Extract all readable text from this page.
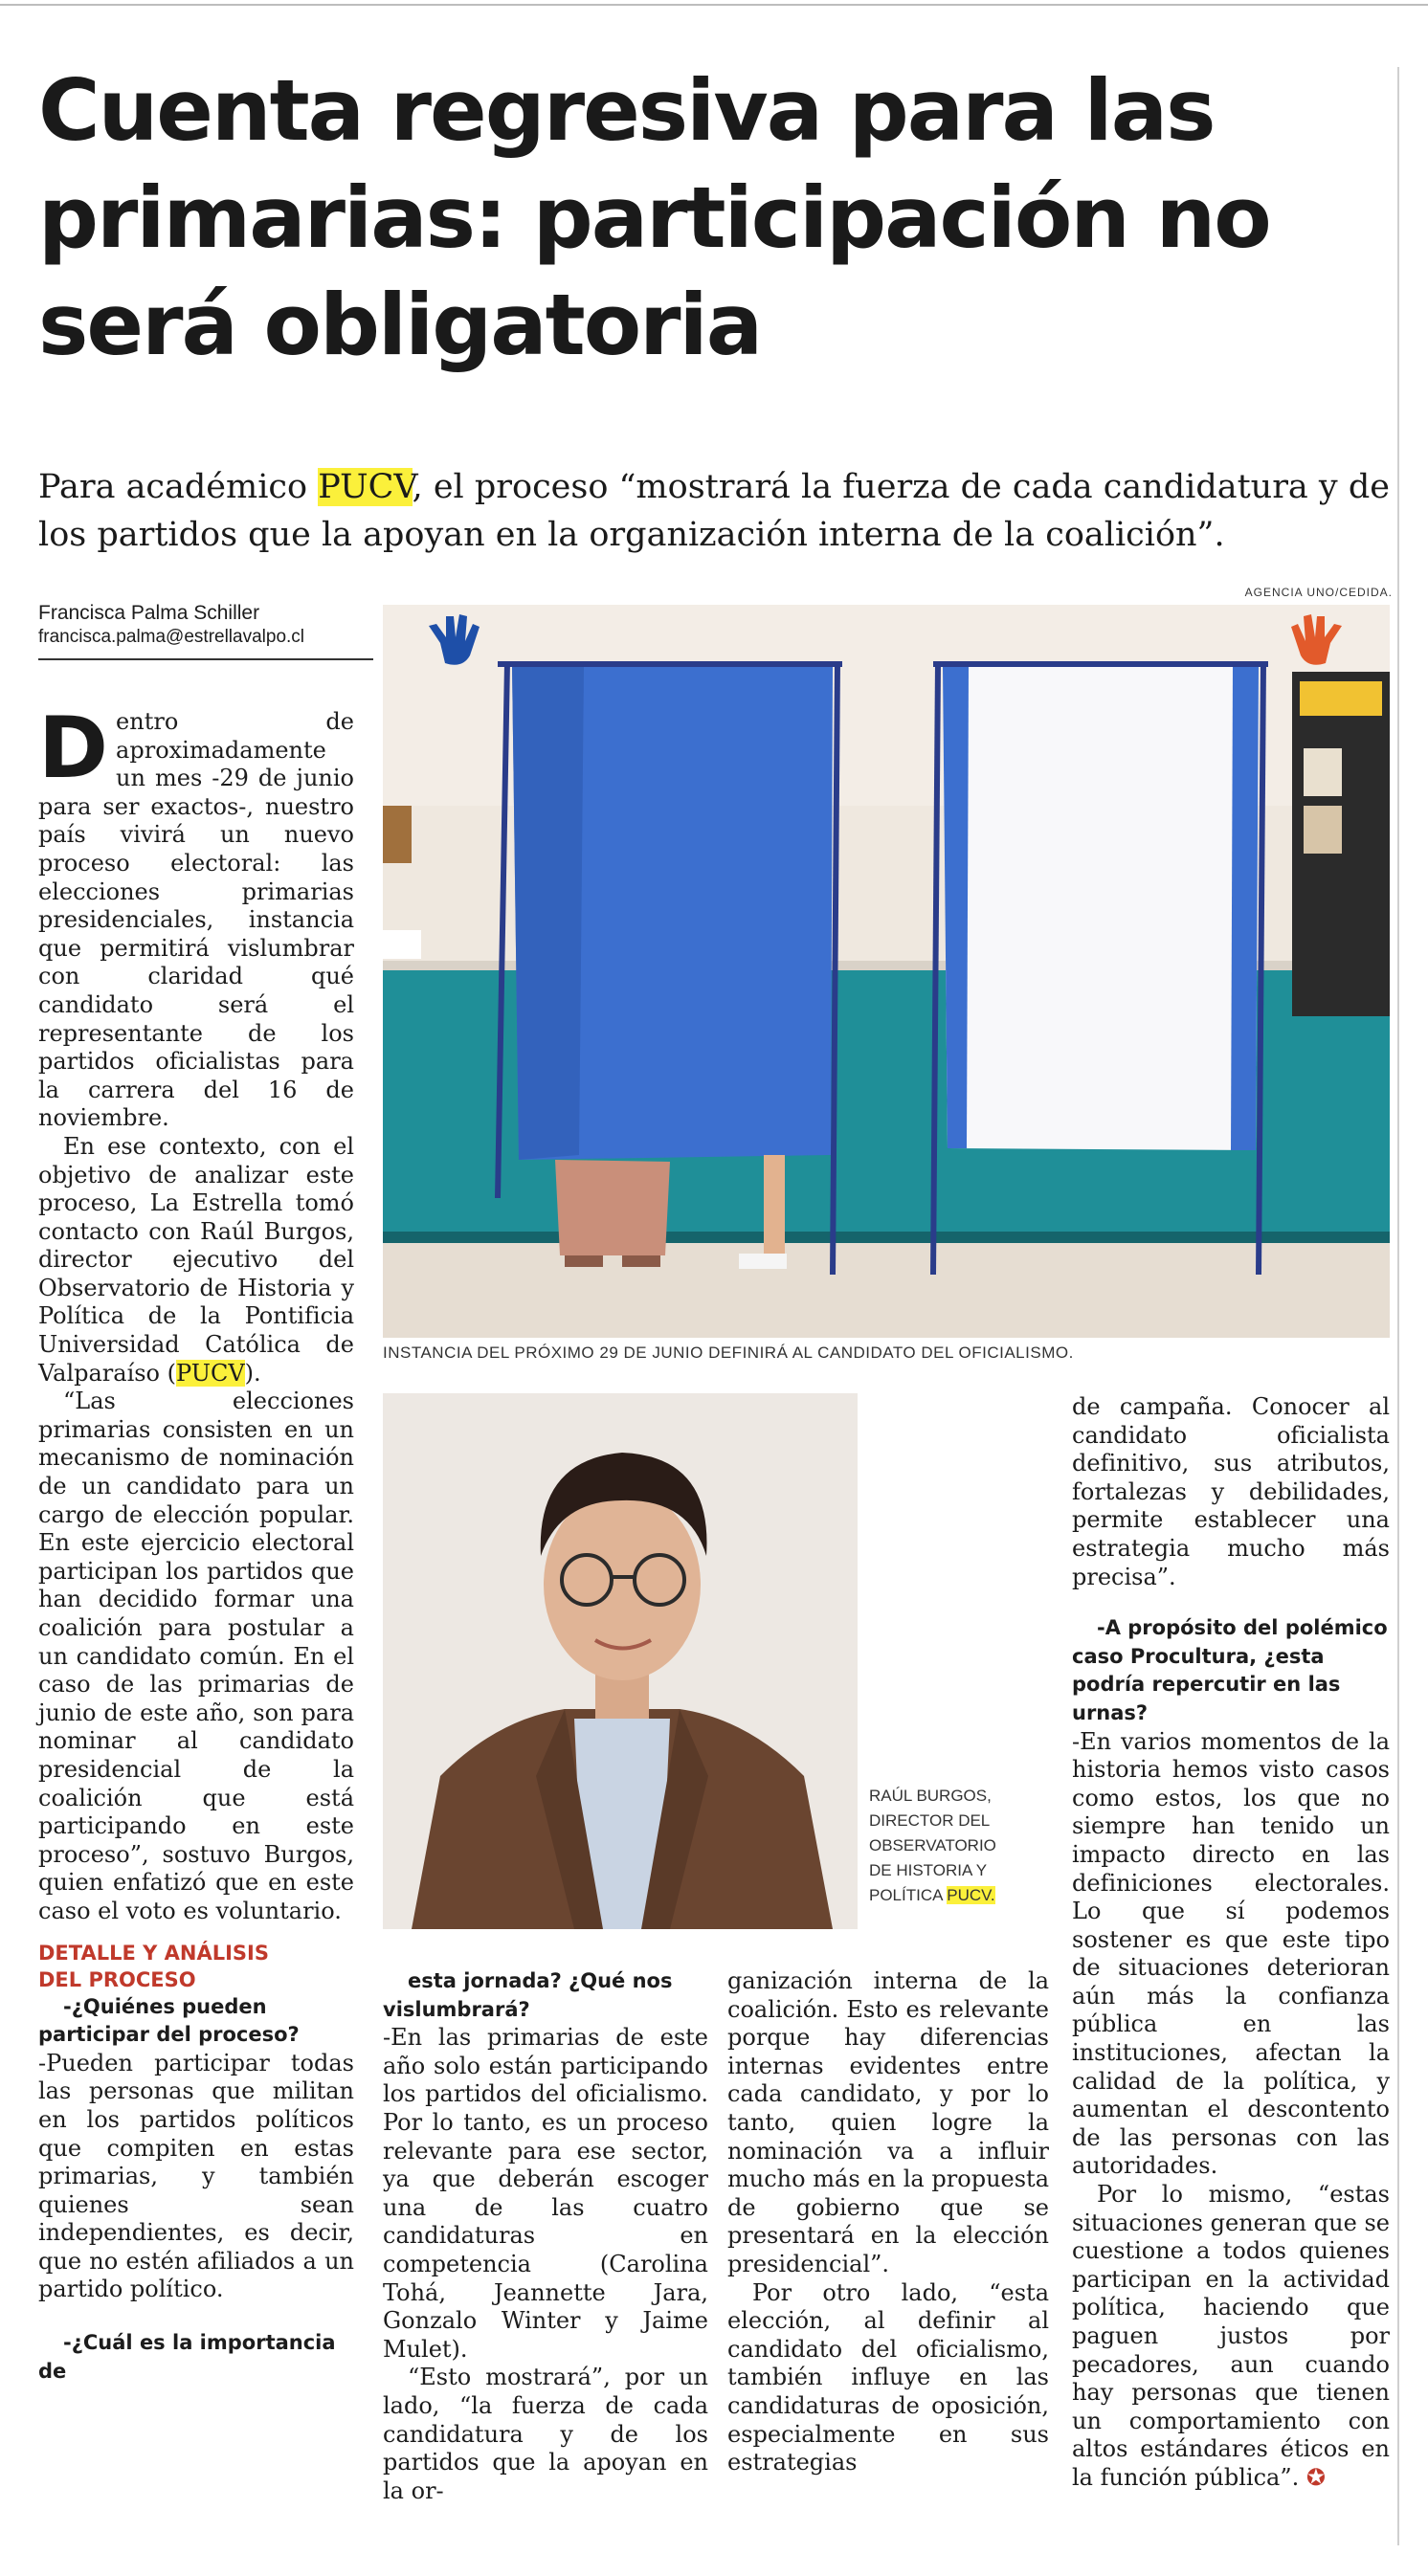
Cuenta regresiva para las primarias: participación no será obligatoria

Para académico PUCV, el proceso “mostrará la fuerza de cada candidatura y de los partidos que la apoyan en la organización interna de la coalición”.

Francisca Palma Schiller
francisca.palma@estrellavalpo.cl
AGENCIA UNO/CEDIDA.
INSTANCIA DEL PRÓXIMO 29 DE JUNIO DEFINIRÁ AL CANDIDATO DEL OFICIALISMO.
RAÚL BURGOS,
DIRECTOR DEL
OBSERVATORIO
DE HISTORIA Y
POLÍTICA PUCV.

Dentro de aproximadamente un mes -29 de junio para ser exactos-, nuestro país vivirá un nuevo proceso electoral: las elecciones primarias presidenciales, instancia que permitirá vislumbrar con claridad qué candidato será el representante de los partidos oficialistas para la carrera del 16 de noviembre.

En ese contexto, con el objetivo de analizar este proceso, La Estrella tomó contacto con Raúl Burgos, director ejecutivo del Observatorio de Historia y Política de la Pontificia Universidad Católica de Valparaíso (PUCV).

“Las elecciones primarias consisten en un mecanismo de nominación de un candidato para un cargo de elección popular. En este ejercicio electoral participan los partidos que han decidido formar una coalición para postular a un candidato común. En el caso de las primarias de junio de este año, son para nominar al candidato presidencial de la coalición que está participando en este proceso”, sostuvo Burgos, quien enfatizó que en este caso el voto es voluntario.

DETALLE Y ANÁLISIS
DEL PROCESO

-¿Quiénes pueden participar del proceso?

-Pueden participar todas las personas que militan en los partidos políticos que compiten en estas primarias, y también quienes sean independientes, es decir, que no estén afiliados a un partido político.

-¿Cuál es la importancia de

esta jornada? ¿Qué nos vislumbrará?

-En las primarias de este año solo están participando los partidos del oficialismo. Por lo tanto, es un proceso relevante para ese sector, ya que deberán escoger una de las cuatro candidaturas en competencia (Carolina Tohá, Jeannette Jara, Gonzalo Winter y Jaime Mulet).

“Esto mostrará”, por un lado, “la fuerza de cada candidatura y de los partidos que la apoyan en la or-

ganización interna de la coalición. Esto es relevante porque hay diferencias internas evidentes entre cada candidato, y por lo tanto, quien logre la nominación va a influir mucho más en la propuesta de gobierno que se presentará en la elección presidencial”.

Por otro lado, “esta elección, al definir al candidato del oficialismo, también influye en las candidaturas de oposición, especialmente en sus estrategias

de campaña. Conocer al candidato oficialista definitivo, sus atributos, fortalezas y debilidades, permite establecer una estrategia mucho más precisa”.

-A propósito del polémico caso Procultura, ¿esta podría repercutir en las urnas?

-En varios momentos de la historia hemos visto casos como estos, los que no siempre han tenido un impacto directo en las definiciones electorales. Lo que sí podemos sostener es que este tipo de situaciones deterioran aún más la confianza pública en las instituciones, afectan la calidad de la política, y aumentan el descontento de las personas con las autoridades.

Por lo mismo, “estas situaciones generan que se cuestione a todos quienes participan en la actividad política, haciendo que paguen justos por pecadores, aun cuando hay personas que tienen un comportamiento con altos estándares éticos en la función pública”. ✪
